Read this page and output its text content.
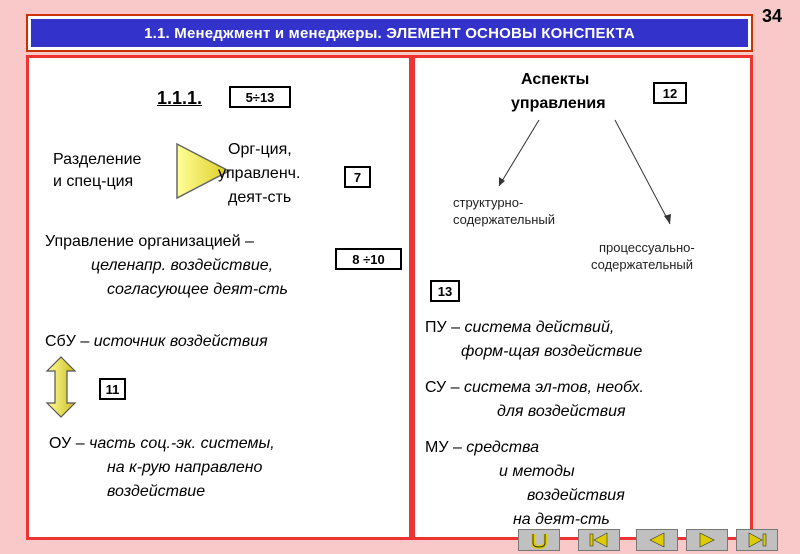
34
1.1. Менеджмент и менеджеры. ЭЛЕМЕНТ ОСНОВЫ КОНСПЕКТА
1.1.1.	5÷13
Разделение
и спец-ция
Орг-ция,
управленч.
деят-сть
7
Управление организацией –
целенапр. воздействие,
согласующее деят-сть
8 ÷10
СбУ – источник воздействия
11
ОУ – часть соц.-эк. системы,
на к-рую направлено
воздействие
Аспекты
управления
12
структурно-
содержательный
процессуально-
содержательный
13
ПУ – система действий,
форм-щая воздействие
СУ – система эл-тов, необх.
для воздействия
МУ – средства
и методы
воздействия
на деят-сть
